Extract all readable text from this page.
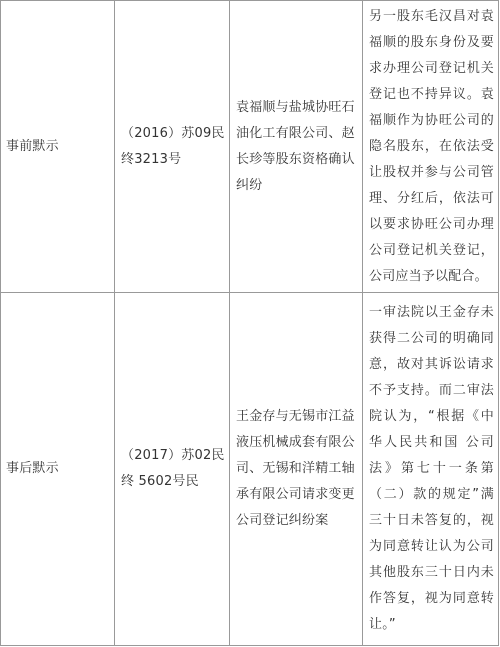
事前默示	（2016）苏09民终3213号	袁福顺与盐城协旺石油化工有限公司、赵长珍等股东资格确认纠纷	另一股东毛汉昌对袁福顺的股东身份及要求办理公司登记机关登记也不持异议。袁福顺作为协旺公司的隐名股东，在依法受让股权并参与公司管理、分红后，依法可以要求协旺公司办理公司登记机关登记，公司应当予以配合。

事后默示	（2017）苏02民终 5602号民	王金存与无锡市江益液压机械成套有限公司、无锡和洋精工轴承有限公司请求变更公司登记纠纷案	一审法院以王金存未获得二公司的明确同意，故对其诉讼请求不予支持。而二审法院认为，“根据《中华人民共和国 公司法》第七十一条第（二）款的规定”满三十日未答复的，视为同意转让认为公司其他股东三十日内未作答复，视为同意转让。”
